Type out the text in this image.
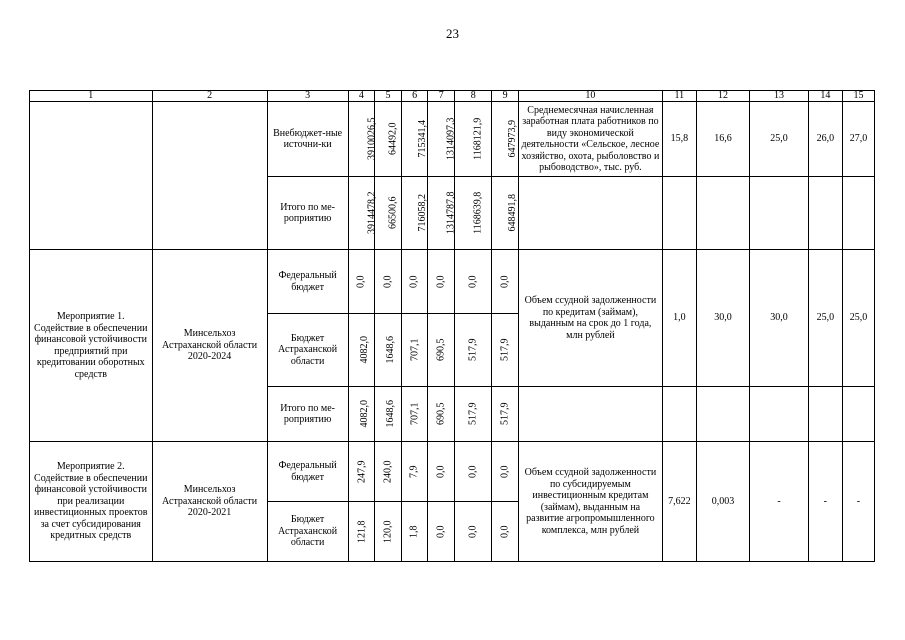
23
1	2	3	4	5	6	7	8	9	10	11	12	13	14	15
		Внебюджет-ные источни-ки	3910026,5	64492,0	715341,4	1314097,3	1168121,9	647973,9	Среднемесячная начисленная заработная плата работников по виду экономической деятельности «Сельское, лесное хозяйство, охота, рыболовство и рыбоводство», тыс. руб.	15,8	16,6	25,0	26,0	27,0
		Итого по ме-роприятию	3914478,2	66500,6	716058,2	1314787,8	1168639,8	648491,8						
Мероприятие 1. Содействие в обеспечении финансовой устойчивости предприятий при кредитовании оборотных средств	Минсельхоз Астраханской области 2020-2024	Федеральный бюджет	0,0	0,0	0,0	0,0	0,0	0,0	Объем ссудной задолженности по кредитам (займам), выданным на срок до 1 года, млн рублей	1,0	30,0	30,0	25,0	25,0
		Бюджет Астраханской области	4082,0	1648,6	707,1	690,5	517,9	517,9						
		Итого по ме-роприятию	4082,0	1648,6	707,1	690,5	517,9	517,9						
Мероприятие 2. Содействие в обеспечении финансовой устойчивости при реализации инвестиционных проектов за счет субсидирования кредитных средств	Минсельхоз Астраханской области 2020-2021	Федеральный бюджет	247,9	240,0	7,9	0,0	0,0	0,0	Объем ссудной задолженности по субсидируемым инвестиционным кредитам (займам), выданным на развитие агропромышленного комплекса, млн рублей	7,622	0,003	-	-	-
		Бюджет Астраханской области	121,8	120,0	1,8	0,0	0,0	0,0						
